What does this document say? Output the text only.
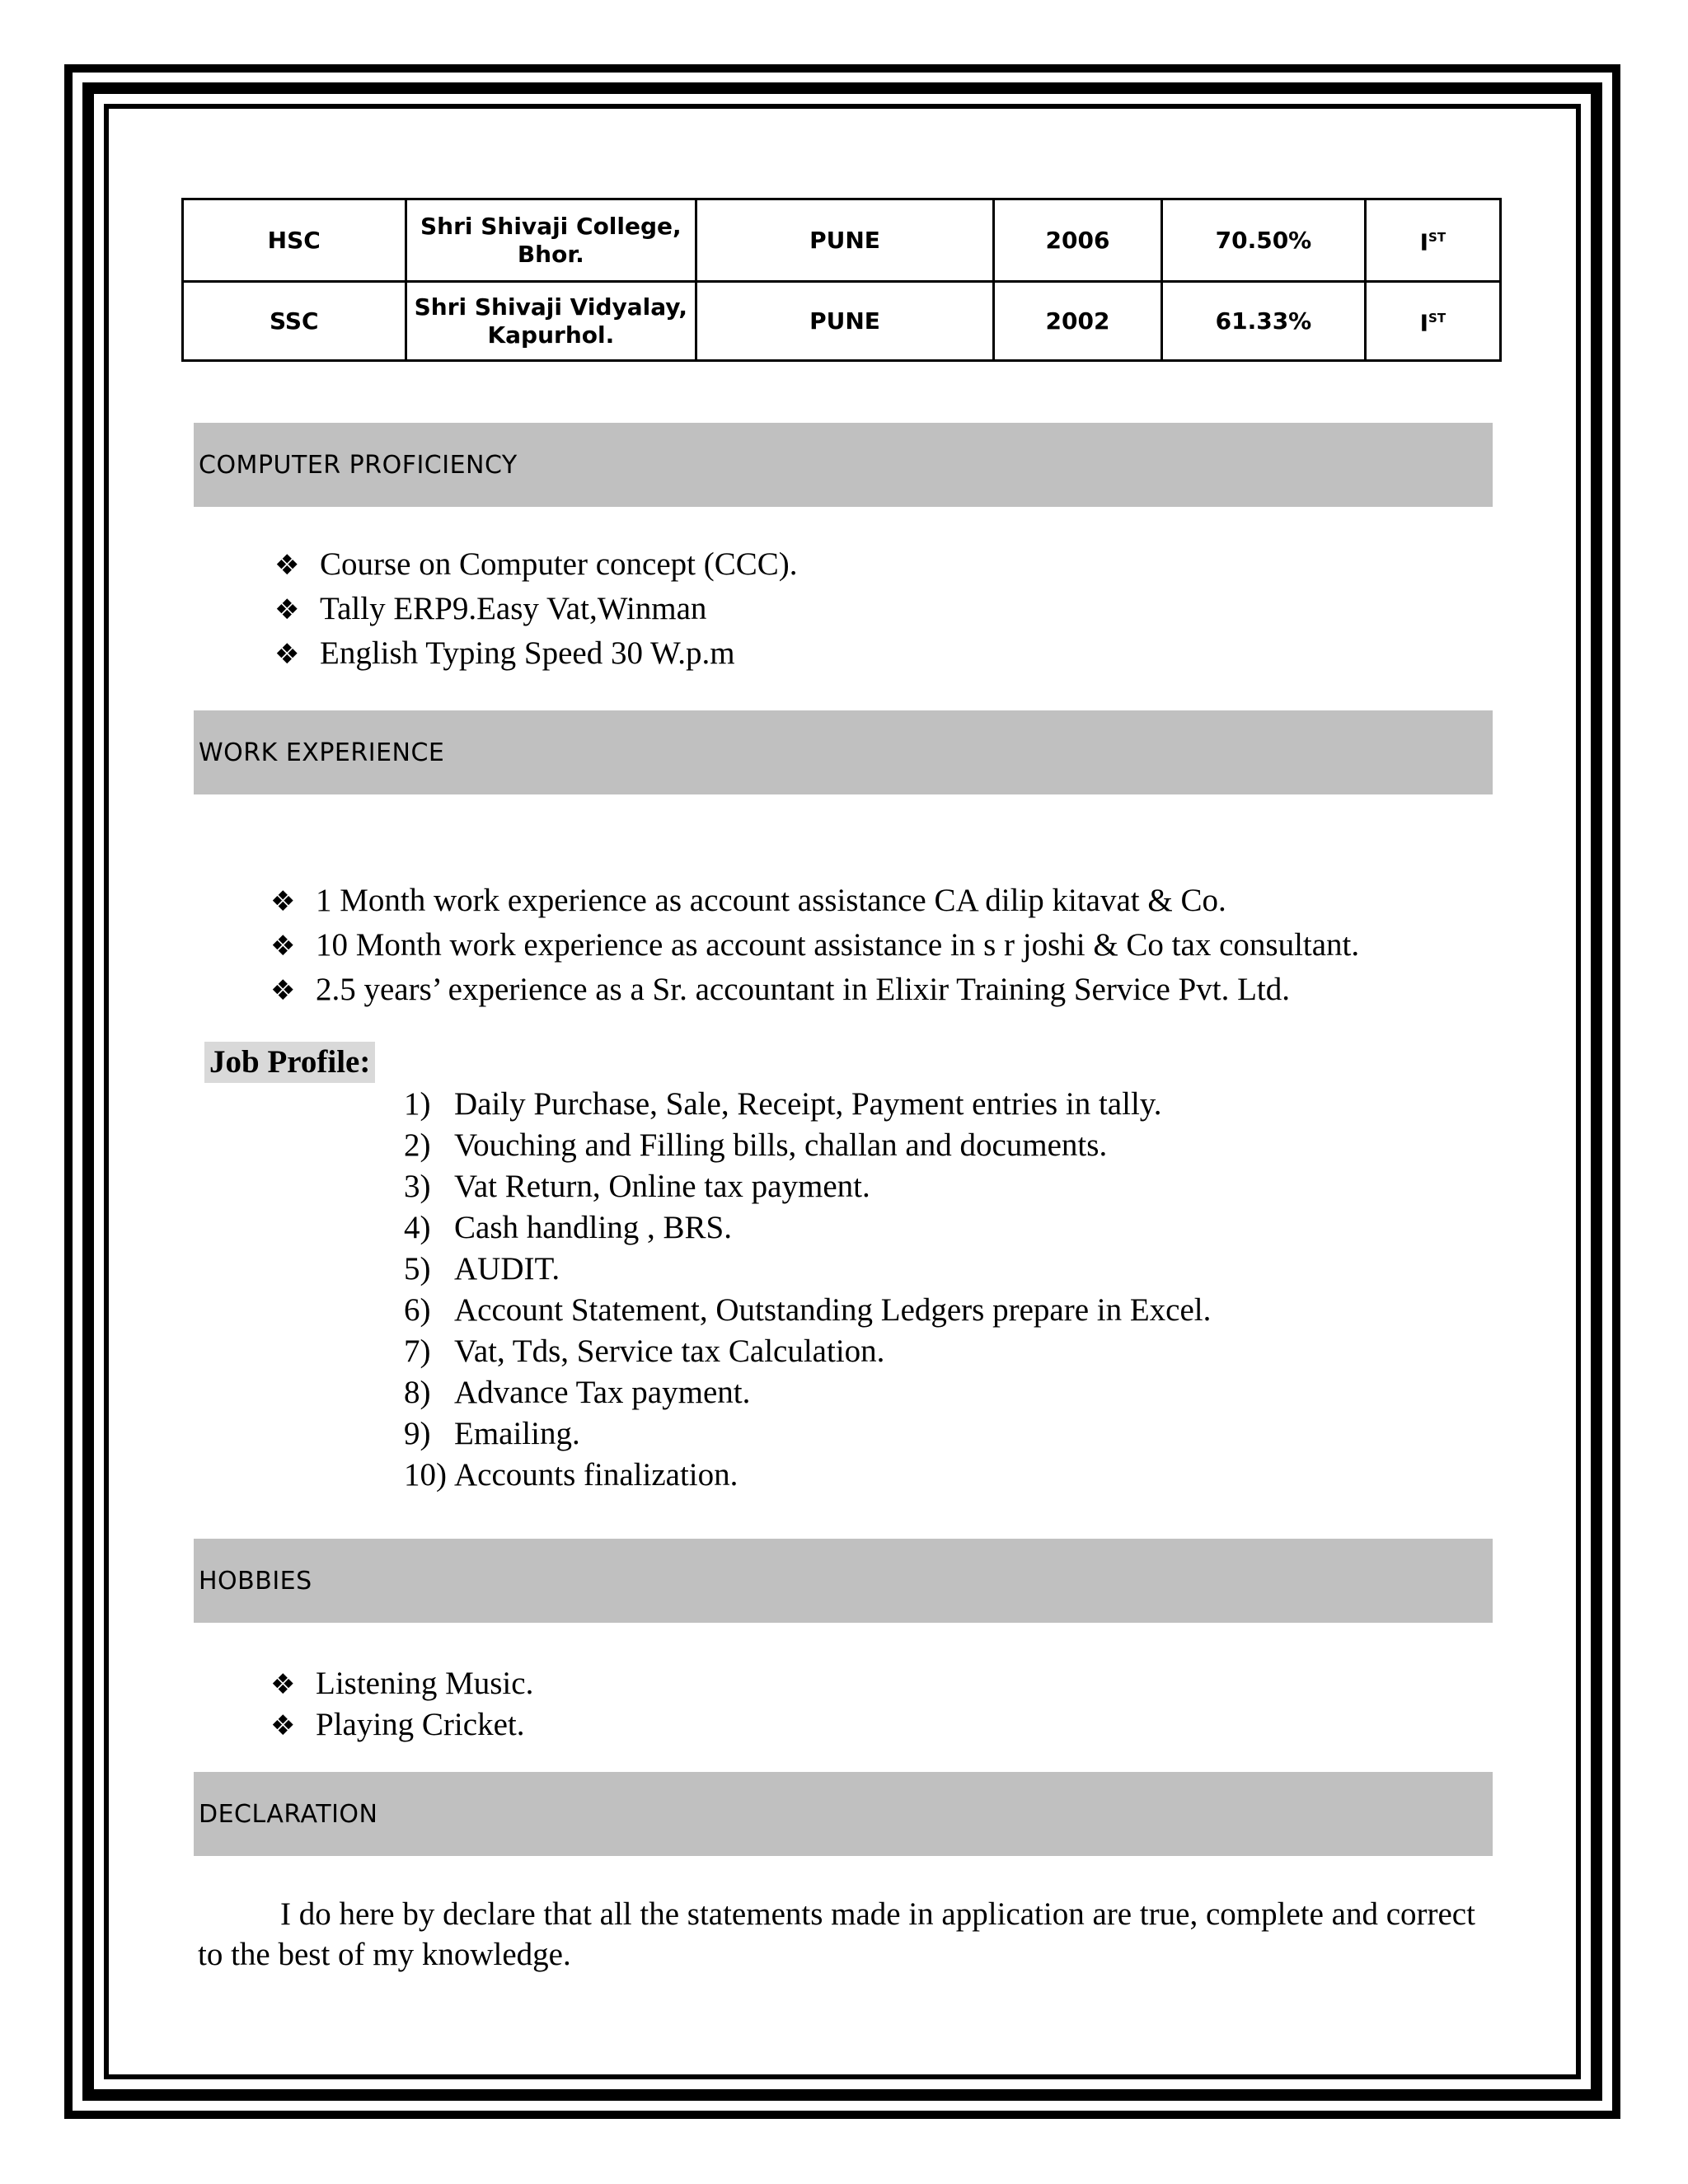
HSC	Shri Shivaji College, Bhor.	PUNE	2006	70.50%	IST
SSC	Shri Shivaji Vidyalay, Kapurhol.	PUNE	2002	61.33%	IST
COMPUTER PROFICIENCY
❖ Course on Computer concept (CCC).
❖ Tally ERP9.Easy Vat,Winman
❖ English Typing Speed 30 W.p.m
WORK EXPERIENCE
❖ 1 Month work experience as account assistance CA dilip kitavat & Co.
❖ 10 Month work experience as account assistance in s r joshi & Co tax consultant.
❖ 2.5 years’ experience as a Sr. accountant in Elixir Training Service Pvt. Ltd.
Job Profile:
1) Daily Purchase, Sale, Receipt, Payment entries in tally.
2) Vouching and Filling bills, challan and documents.
3) Vat Return, Online tax payment.
4) Cash handling , BRS.
5) AUDIT.
6) Account Statement, Outstanding Ledgers prepare in Excel.
7) Vat, Tds, Service tax Calculation.
8) Advance Tax payment.
9) Emailing.
10) Accounts finalization.
HOBBIES
❖ Listening Music.
❖ Playing Cricket.
DECLARATION
I do here by declare that all the statements made in application are true, complete and correct to the best of my knowledge.
